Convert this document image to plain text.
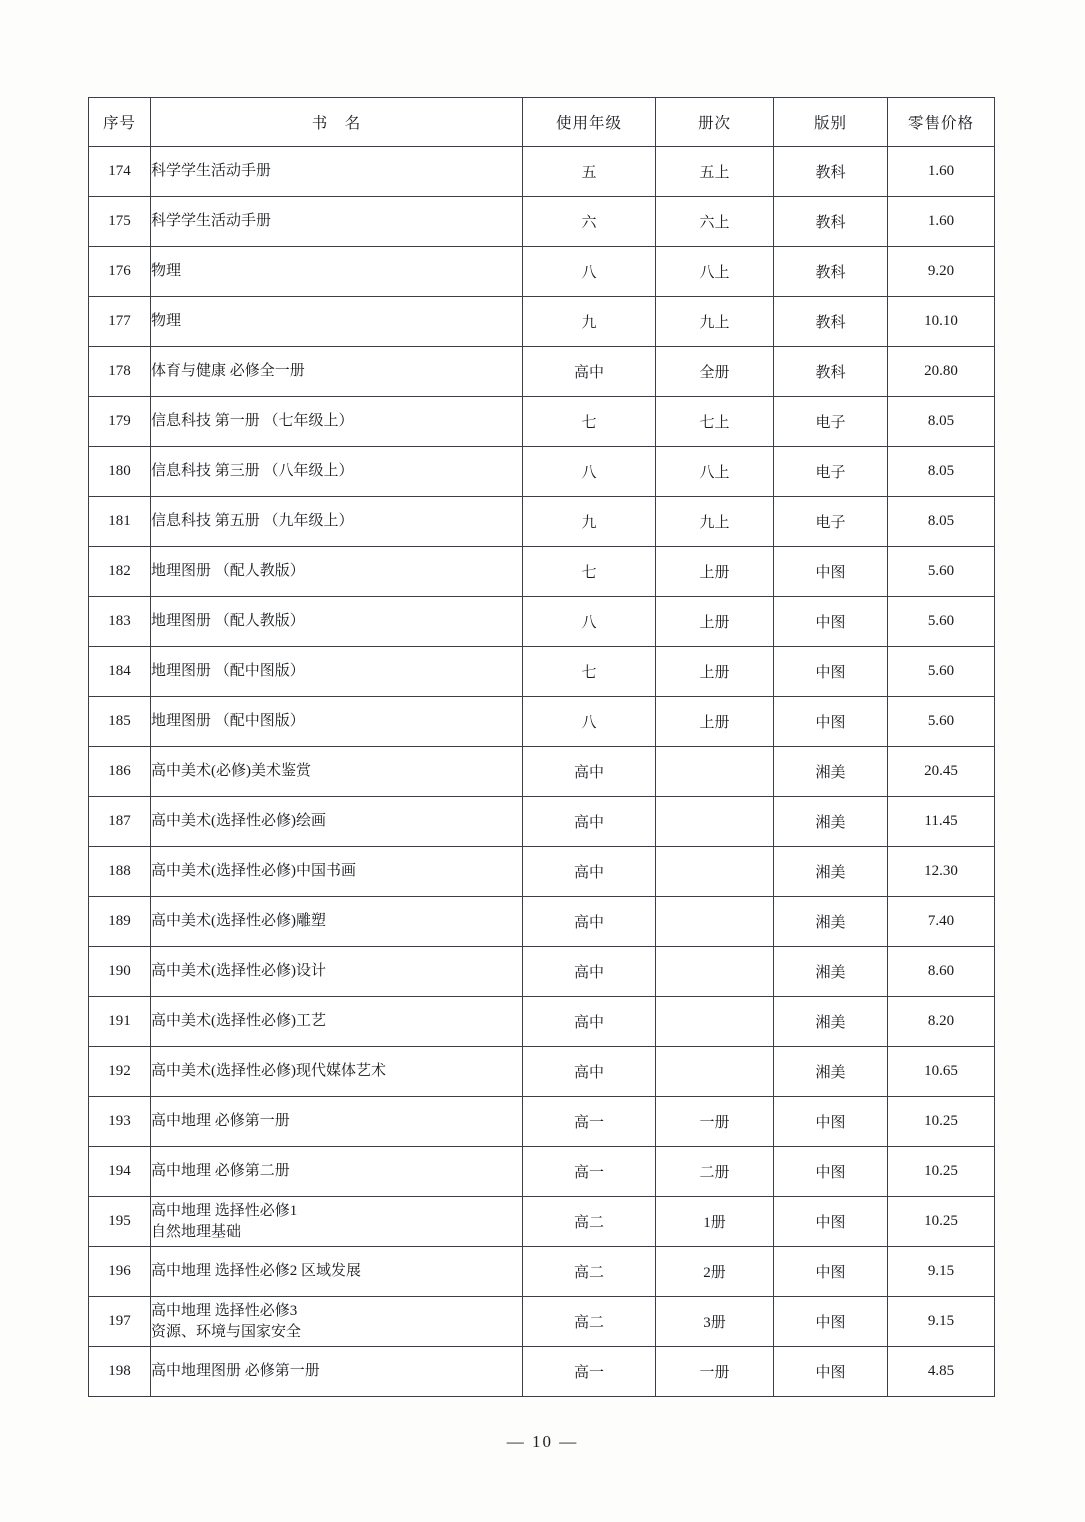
序号	书　名	使用年级	册次	版别	零售价格
174	科学学生活动手册	五	五上	教科	1.60
175	科学学生活动手册	六	六上	教科	1.60
176	物理	八	八上	教科	9.20
177	物理	九	九上	教科	10.10
178	体育与健康 必修全一册	高中	全册	教科	20.80
179	信息科技 第一册 （七年级上）	七	七上	电子	8.05
180	信息科技 第三册 （八年级上）	八	八上	电子	8.05
181	信息科技 第五册 （九年级上）	九	九上	电子	8.05
182	地理图册 （配人教版）	七	上册	中图	5.60
183	地理图册 （配人教版）	八	上册	中图	5.60
184	地理图册 （配中图版）	七	上册	中图	5.60
185	地理图册 （配中图版）	八	上册	中图	5.60
186	高中美术(必修)美术鉴赏	高中		湘美	20.45
187	高中美术(选择性必修)绘画	高中		湘美	11.45
188	高中美术(选择性必修)中国书画	高中		湘美	12.30
189	高中美术(选择性必修)雕塑	高中		湘美	7.40
190	高中美术(选择性必修)设计	高中		湘美	8.60
191	高中美术(选择性必修)工艺	高中		湘美	8.20
192	高中美术(选择性必修)现代媒体艺术	高中		湘美	10.65
193	高中地理 必修第一册	高一	一册	中图	10.25
194	高中地理 必修第二册	高一	二册	中图	10.25
195	高中地理 选择性必修1
自然地理基础	高二	1册	中图	10.25
196	高中地理 选择性必修2 区域发展	高二	2册	中图	9.15
197	高中地理 选择性必修3
资源、环境与国家安全	高二	3册	中图	9.15
198	高中地理图册 必修第一册	高一	一册	中图	4.85
— 10 —
